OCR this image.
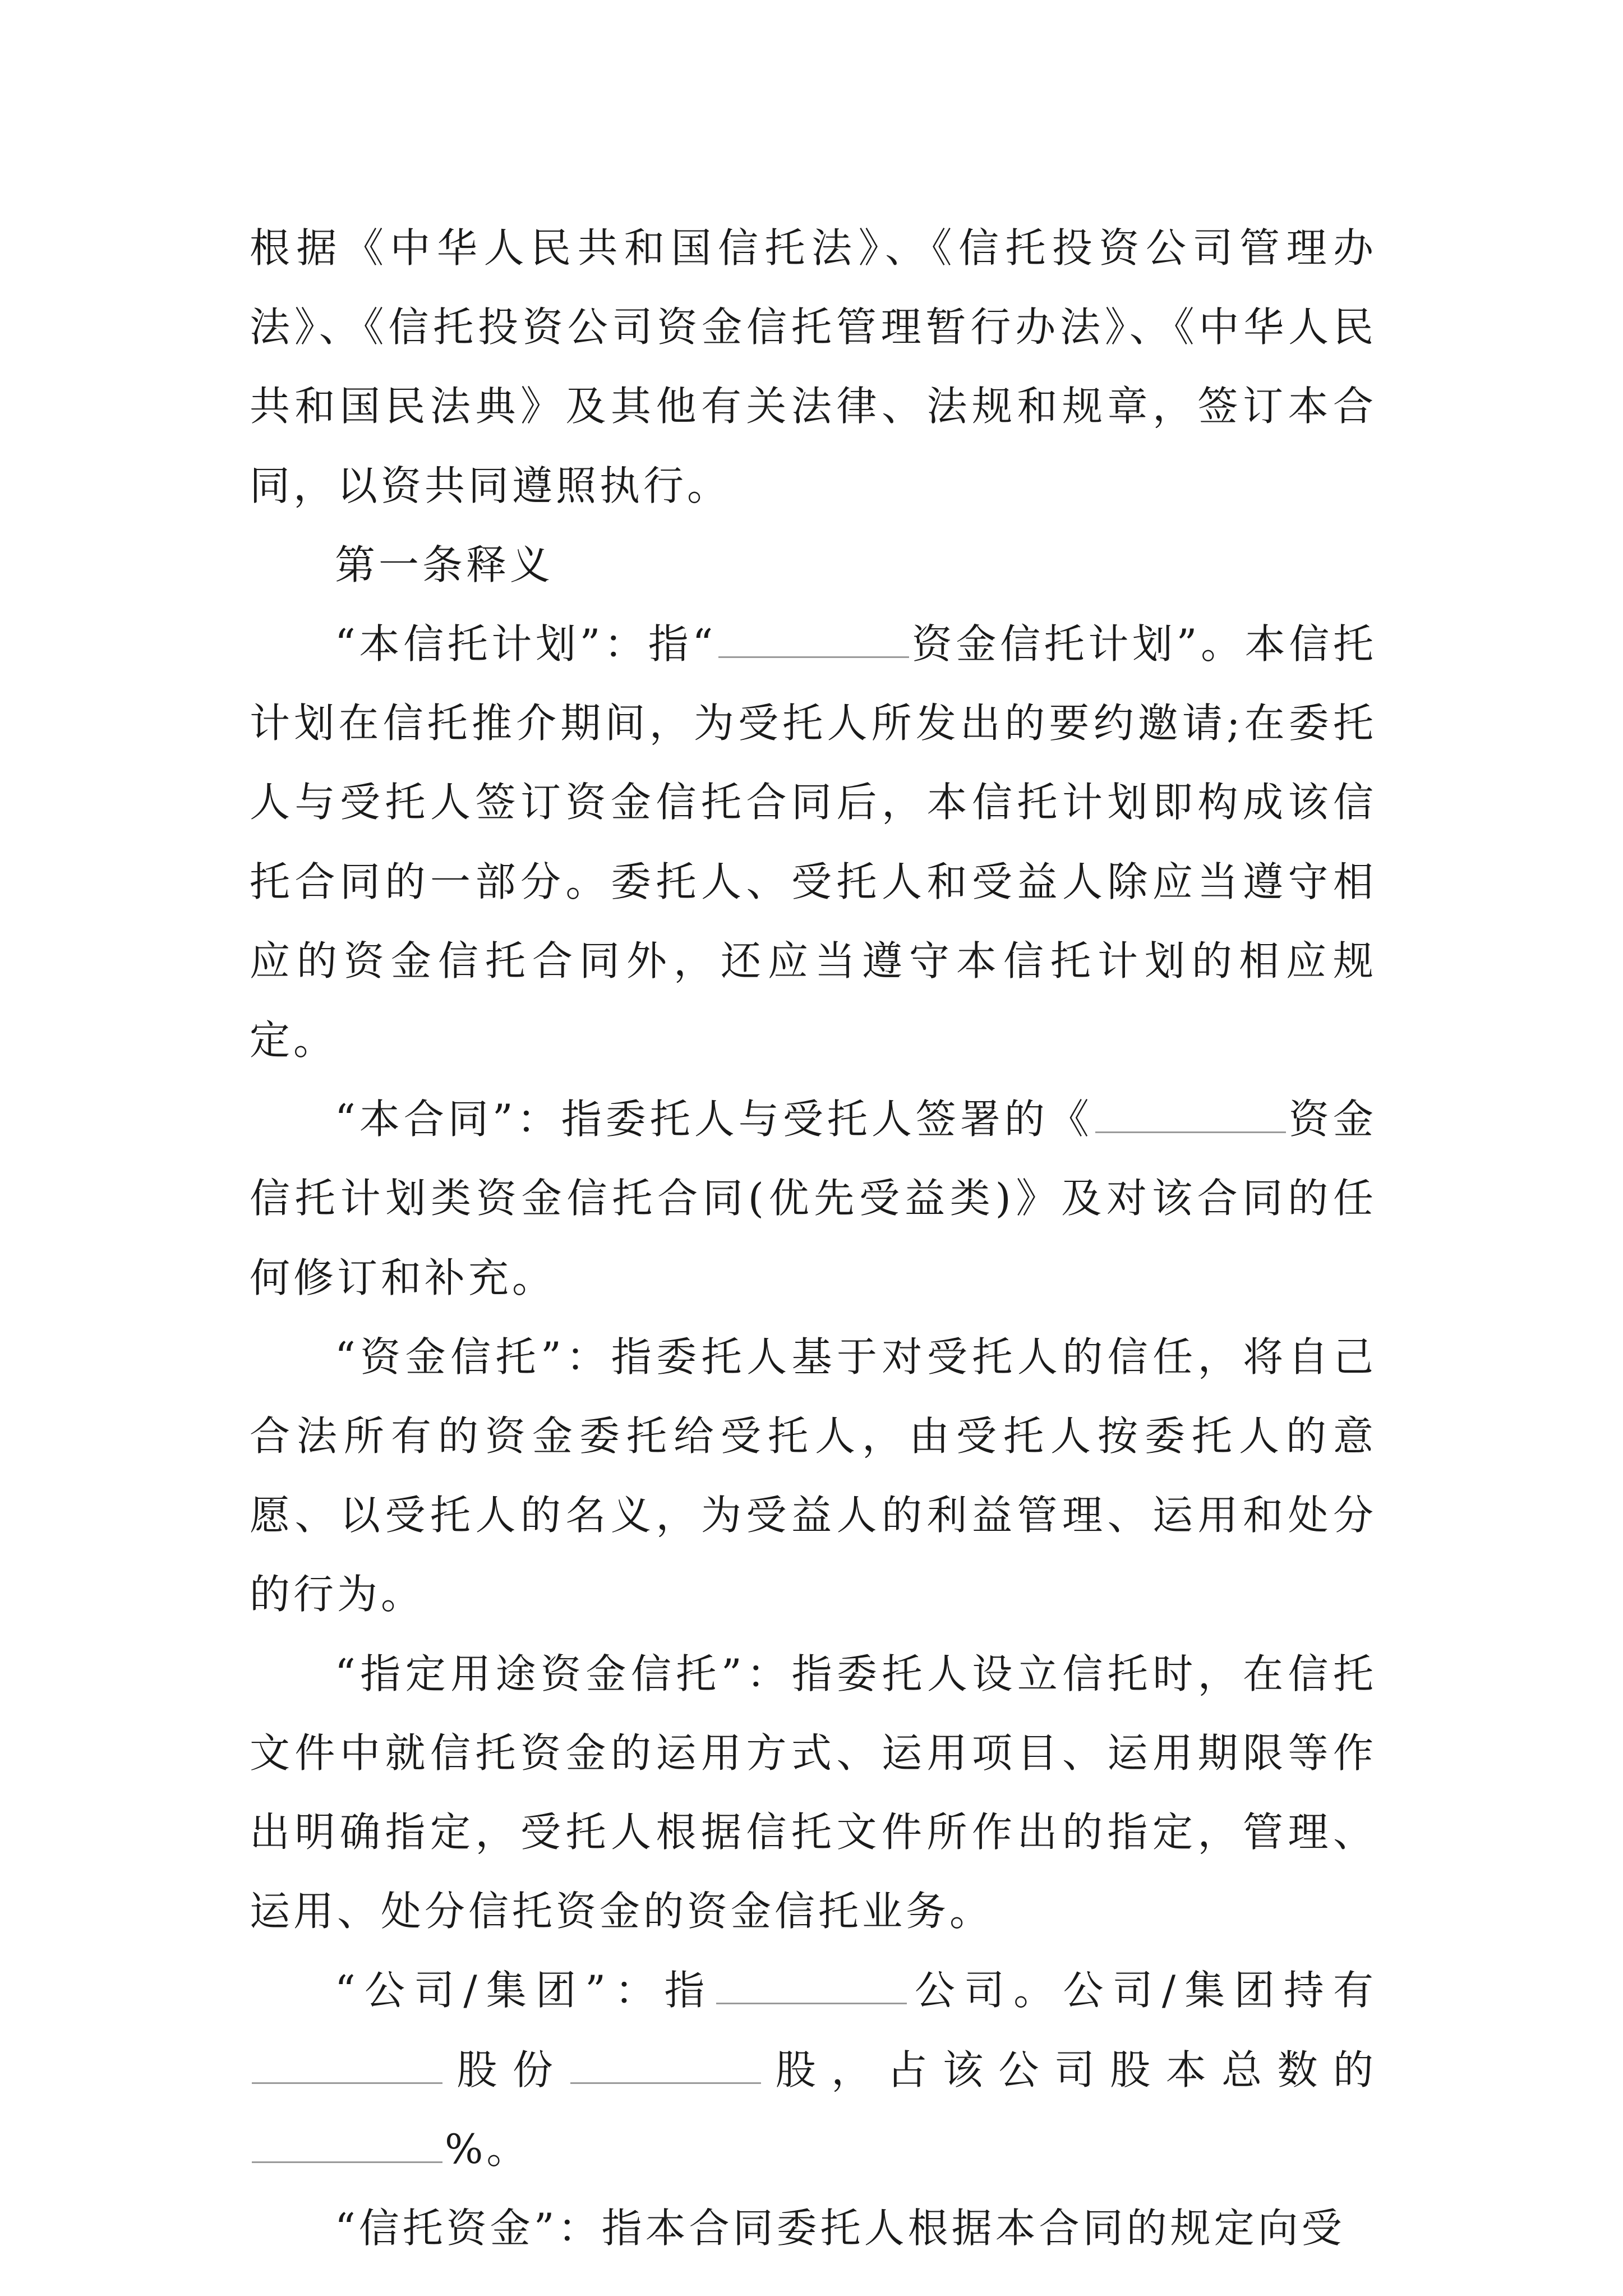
根据《中华人民共和国信托法》、《信托投资公司管理办法》、《信托投资公司资金信托管理暂行办法》、《中华人民共和国民法典》及其他有关法律、法规和规章，签订本合同，以资共同遵照执行。

第一条释义

“本信托计划”：指“	资金信托计划”。本信托计划在信托推介期间，为受托人所发出的要约邀请;在委托人与受托人签订资金信托合同后，本信托计划即构成该信托合同的一部分。委托人、受托人和受益人除应当遵守相应的资金信托合同外，还应当遵守本信托计划的相应规定。

“本合同”：指委托人与受托人签署的《	资金信托计划类资金信托合同(优先受益类)》及对该合同的任何修订和补充。

“资金信托”：指委托人基于对受托人的信任，将自己合法所有的资金委托给受托人，由受托人按委托人的意愿、以受托人的名义，为受益人的利益管理、运用和处分的行为。

“指定用途资金信托”：指委托人设立信托时，在信托文件中就信托资金的运用方式、运用项目、运用期限等作出明确指定，受托人根据信托文件所作出的指定，管理、运用、处分信托资金的资金信托业务。

“公司/集团”：指	公司。公司/集团持有股份	股，占该公司股本总数的%。

“信托资金”：指本合同委托人根据本合同的规定向受
